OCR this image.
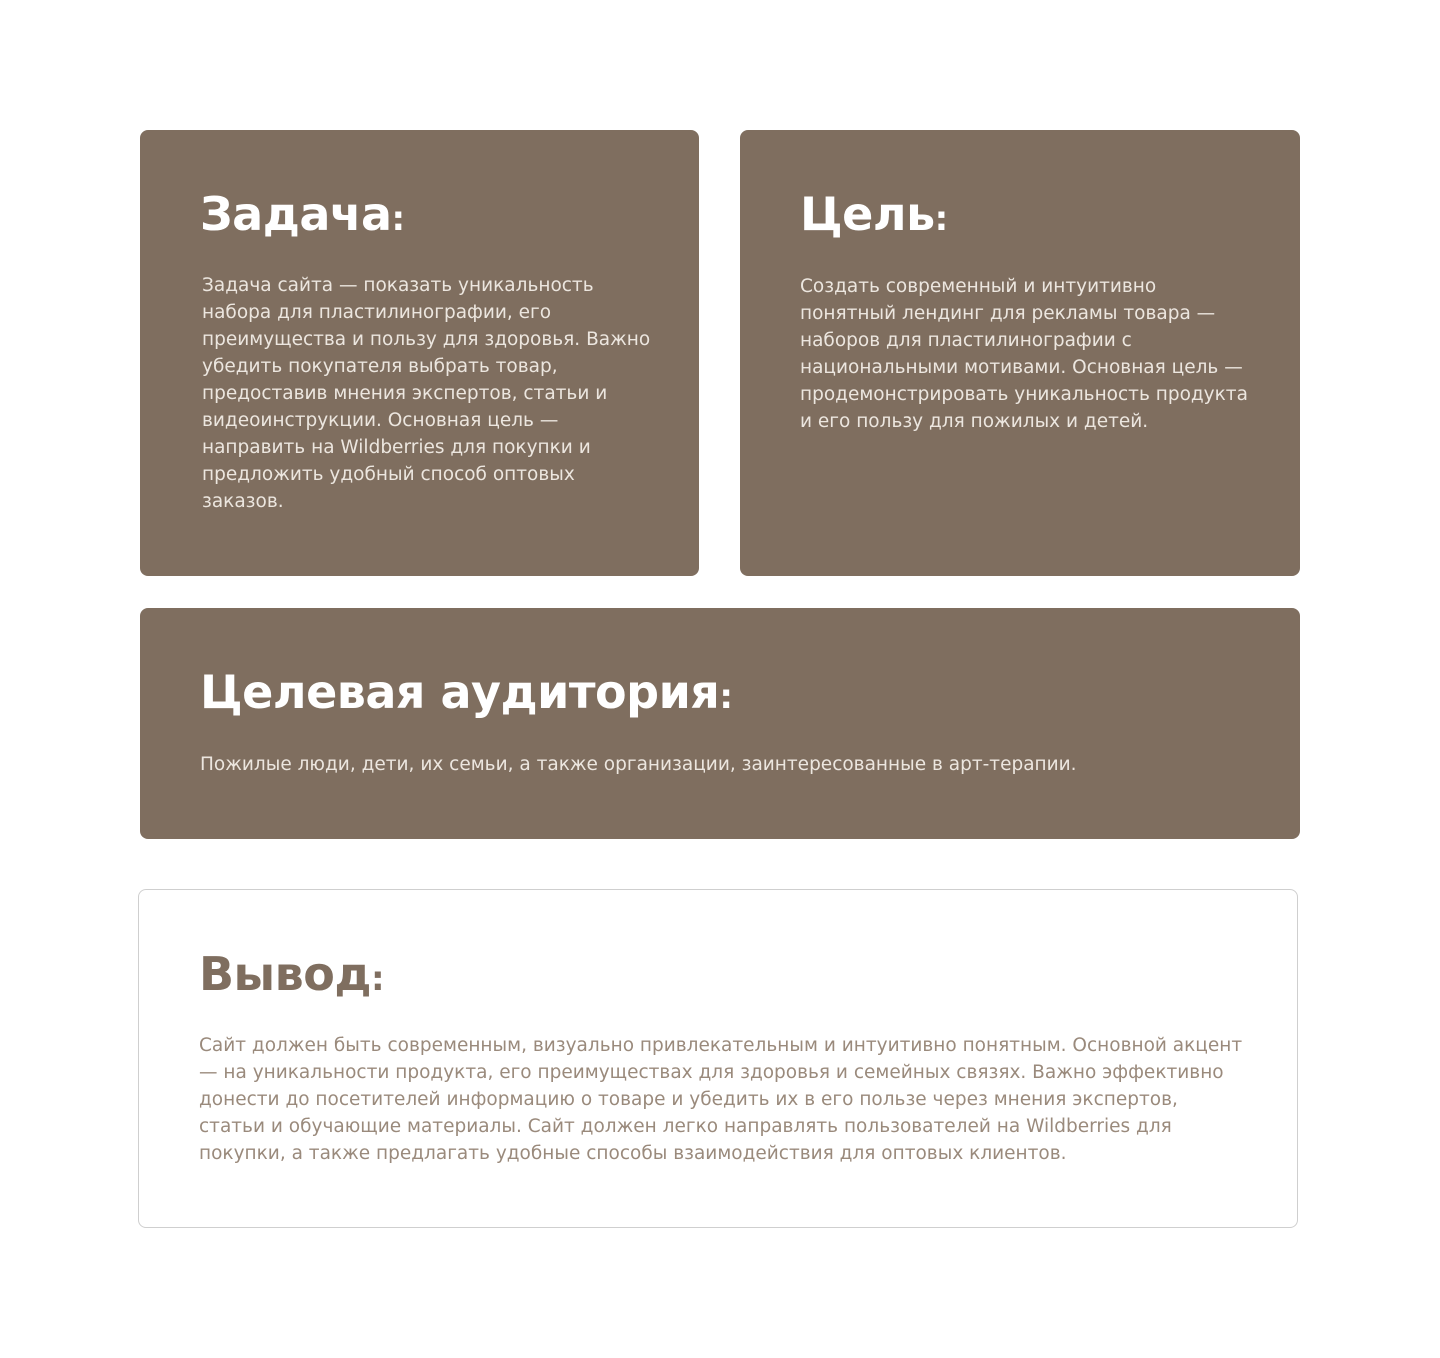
Задача:

Задача сайта — показать уникальность набора для пластилинографии, его преимущества и пользу для здоровья. Важно убедить покупателя выбрать товар, предоставив мнения экспертов, статьи и видеоинструкции. Основная цель — направить на Wildberries для покупки и предложить удобный способ оптовых заказов.

Цель:

Создать современный и интуитивно понятный лендинг для рекламы товара — наборов для пластилинографии с национальными мотивами. Основная цель — продемонстрировать уникальность продукта и его пользу для пожилых и детей.

Целевая аудитория:

Пожилые люди, дети, их семьи, а также организации, заинтересованные в арт-терапии.

Вывод:

Сайт должен быть современным, визуально привлекательным и интуитивно понятным. Основной акцент — на уникальности продукта, его преимуществах для здоровья и семейных связях. Важно эффективно донести до посетителей информацию о товаре и убедить их в его пользе через мнения экспертов, статьи и обучающие материалы. Сайт должен легко направлять пользователей на Wildberries для покупки, а также предлагать удобные способы взаимодействия для оптовых клиентов.
